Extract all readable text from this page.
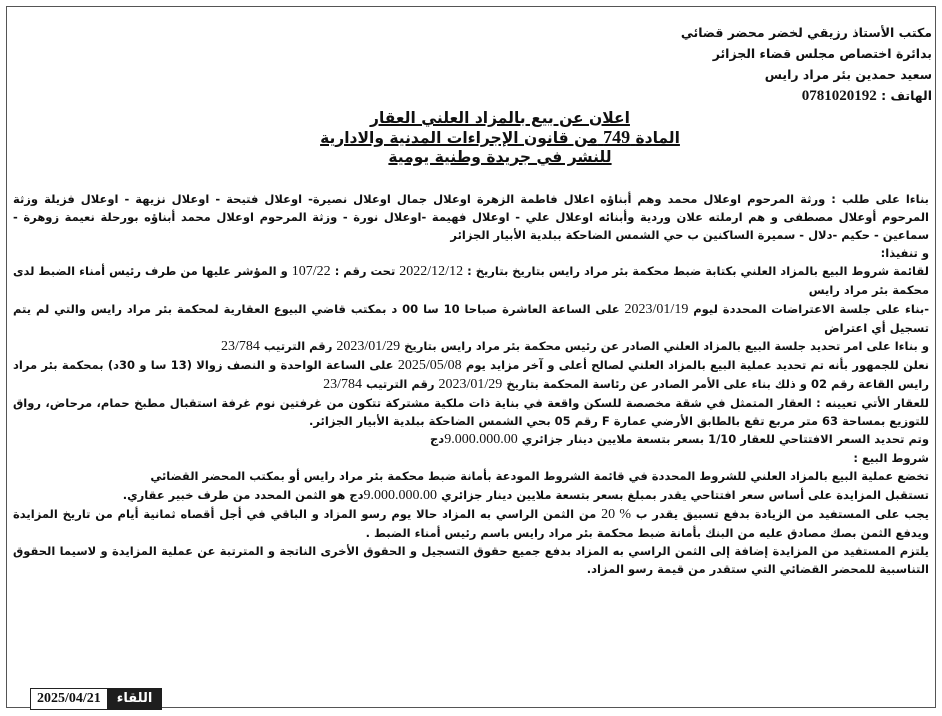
مكتب الأستاذ رزيقي لخضر محضر قضائي
بدائرة اختصاص مجلس قضاء الجزائر
سعيد حمدين بئر مراد رايس
الهاتف : 0781020192
اعلان عن بيع بالمزاد العلني العقار
المادة 749 من قانون الإجراءات المدنية والادارية
للنشر في جريدة وطنية يومية

بناءا على طلب : ورثة المرحوم اوعلال محمد وهم أبناؤه اعلال فاطمة الزهرة اوعلال جمال اوعلال نصيرة- اوعلال فتيحة - اوعلال نزيهة - اوعلال فزيلة وزثة المرحوم أوعلال مصطفى و هم ارملته علان وردية وأبنائه اوعلال علي - اوعلال فهيمة -اوعلال نورة - وزثة المرحوم اوعلال محمد أبناؤه بورحلة نعيمة زوهرة - سماعين - حكيم -دلال - سميرة الساكنين ب حي الشمس الضاحكة ببلدية الأبيار الجزائر

و تنفيذا:

لقائمة شروط البيع بالمزاد العلني بكتابة ضبط محكمة بئر مراد رايس بتاريخ بتاريخ : 2022/12/12 تحت رقم : 107/22 و المؤشر عليها من طرف رئيس أمناء الضبط لدى محكمة بئر مراد رايس

-بناء على جلسة الاعتراضات المحددة ليوم 2023/01/19 على الساعة العاشرة صباحا 10 سا 00 د بمكتب قاضي البيوع العقارية لمحكمة بئر مراد رايس والتي لم يتم تسجيل أي اعتراض

و بناءا على امر تحديد جلسة البيع بالمزاد العلني الصادر عن رئيس محكمة بئر مراد رايس بتاريخ 2023/01/29 رقم الترتيب 23/784

نعلن للجمهور بأنه تم تحديد عملية البيع بالمزاد العلني لصالح أعلى و آخر مزايد يوم 2025/05/08 على الساعة الواحدة و النصف زوالا (13 سا و 30د) بمحكمة بئر مراد رايس القاعة رقم 02 و ذلك بناء على الأمر الصادر عن رئاسة المحكمة بتاريخ 2023/01/29 رقم الترتيب 23/784

للعقار الأتي تعيينه : العقار المتمثل في شقة مخصصة للسكن واقعة في بناية ذات ملكية مشتركة تتكون من غرفتين نوم غرفة استقبال مطبخ حمام، مرحاض، رواق للتوزيع بمساحة 63 متر مربع تقع بالطابق الأرضي عمارة F رقم 05 بحي الشمس الضاحكة ببلدية الأبيار الجزائر.

وتم تحديد السعر الافتتاحي للعقار 1/10 بسعر بتسعة ملايين دينار جزائري 9.000.000.00دج

شروط البيع :

تخضع عملية البيع بالمزاد العلني للشروط المحددة في قائمة الشروط المودعة بأمانة ضبط محكمة بئر مراد رايس أو بمكتب المحضر القضائي

تستقبل المزايدة على أساس سعر افتتاحي يقدر بمبلغ بسعر بتسعة ملايين دينار جزائري 9.000.000.00دج هو الثمن المحدد من طرف خبير عقاري.

يجب على المستفيد من الزيادة بدفع تسبيق يقدر ب 20 % من الثمن الراسي به المزاد حالا يوم رسو المزاد و الباقي في أجل أقصاه ثمانية أيام من تاريخ المزايدة ويدفع الثمن بصك مصادق عليه من البنك بأمانة ضبط محكمة بئر مراد رايس باسم رئيس أمناء الضبط .

يلتزم المستفيد من المزايدة إضافة إلى الثمن الراسي به المزاد بدفع جميع حقوق التسجيل و الحقوق الأخرى الناتجة و المترتبة عن عملية المزايدة و لاسيما الحقوق التناسبية للمحضر القضائي التي ستقدر من قيمة رسو المزاد.

2025/04/21	اللقاء
